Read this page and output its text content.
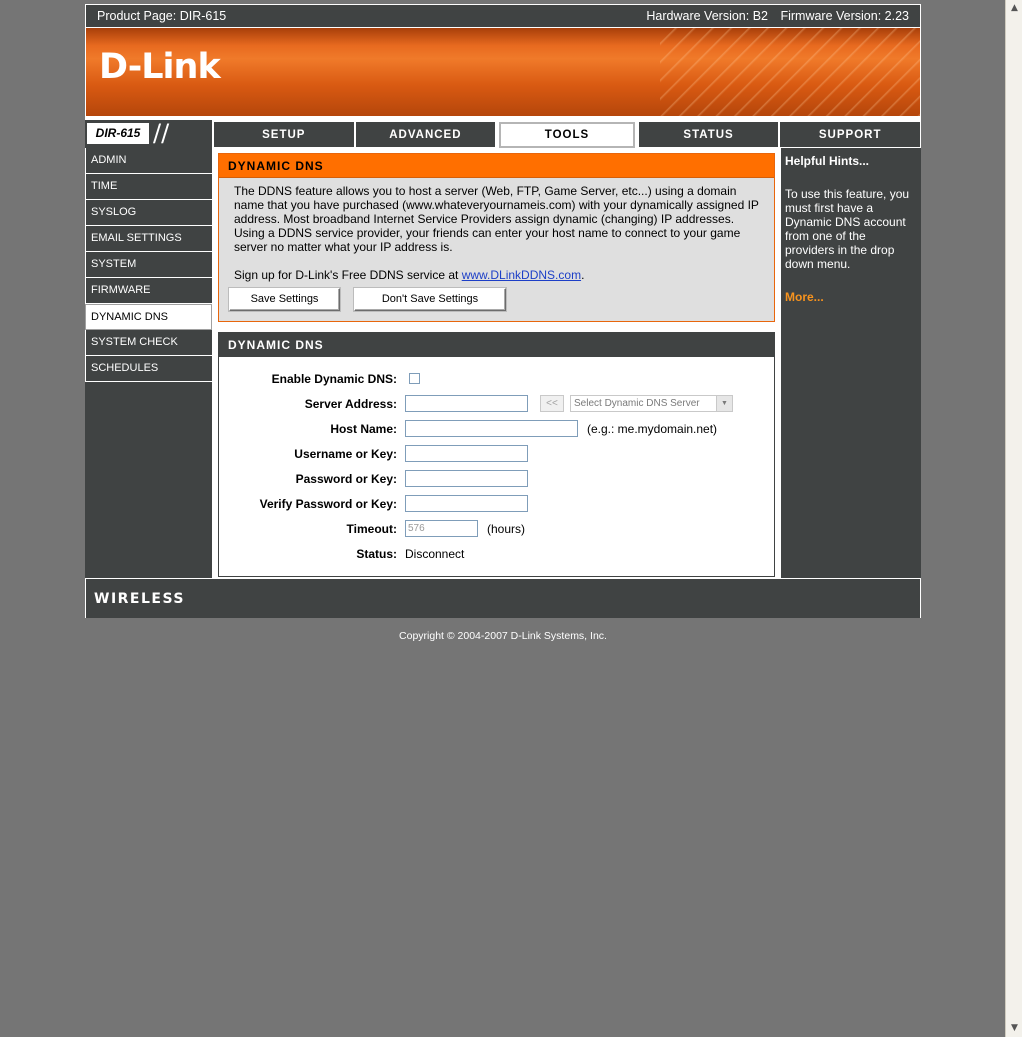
Product Page: DIR-615	Hardware Version: B2 Firmware Version: 2.23
D-Link
DIR-615 //	SETUP	ADVANCED	TOOLS	STATUS	SUPPORT
ADMIN
TIME
SYSLOG
EMAIL SETTINGS
SYSTEM
FIRMWARE
DYNAMIC DNS
SYSTEM CHECK
SCHEDULES
DYNAMIC DNS

The DDNS feature allows you to host a server (Web, FTP, Game Server, etc...) using a domain name that you have purchased (www.whateveryournameis.com) with your dynamically assigned IP address. Most broadband Internet Service Providers assign dynamic (changing) IP addresses. Using a DDNS service provider, your friends can enter your host name to connect to your game server no matter what your IP address is.

Sign up for D-Link's Free DDNS service at www.DLinkDDNS.com.

Save Settings	Don't Save Settings
DYNAMIC DNS
Enable Dynamic DNS:
Server Address:	<<	Select Dynamic DNS Server	▼
Host Name:	(e.g.: me.mydomain.net)
Username or Key:
Password or Key:
Verify Password or Key:
Timeout:	576	(hours)
Status: Disconnect
Helpful Hints...
To use this feature, you must first have a Dynamic DNS account from one of the providers in the drop down menu.
More...
WIRELESS
Copyright © 2004-2007 D-Link Systems, Inc.
▲
▼
